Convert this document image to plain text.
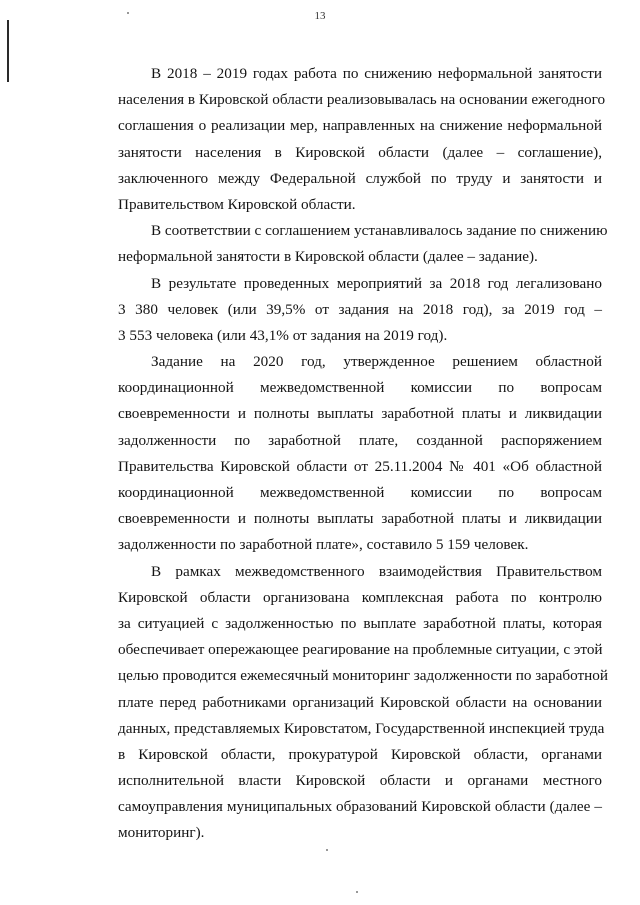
13
В 2018 – 2019 годах работа по снижению неформальной занятости
населения в Кировской области реализовывалась на основании ежегодного
соглашения о реализации мер, направленных на снижение неформальной
занятости населения в Кировской области (далее – соглашение),
заключенного между Федеральной службой по труду и занятости и
Правительством Кировской области.
В соответствии с соглашением устанавливалось задание по снижению
неформальной занятости в Кировской области (далее – задание).
В результате проведенных мероприятий за 2018 год легализовано
3 380 человек (или 39,5% от задания на 2018 год), за 2019 год –
3 553 человека (или 43,1% от задания на 2019 год).
Задание на 2020 год, утвержденное решением областной
координационной межведомственной комиссии по вопросам
своевременности и полноты выплаты заработной платы и ликвидации
задолженности по заработной плате, созданной распоряжением
Правительства Кировской области от 25.11.2004 № 401 «Об областной
координационной межведомственной комиссии по вопросам
своевременности и полноты выплаты заработной платы и ликвидации
задолженности по заработной плате», составило 5 159 человек.
В рамках межведомственного взаимодействия Правительством
Кировской области организована комплексная работа по контролю
за ситуацией с задолженностью по выплате заработной платы, которая
обеспечивает опережающее реагирование на проблемные ситуации, с этой
целью проводится ежемесячный мониторинг задолженности по заработной
плате перед работниками организаций Кировской области на основании
данных, представляемых Кировстатом, Государственной инспекцией труда
в Кировской области, прокуратурой Кировской области, органами
исполнительной власти Кировской области и органами местного
самоуправления муниципальных образований Кировской области (далее –
мониторинг).
